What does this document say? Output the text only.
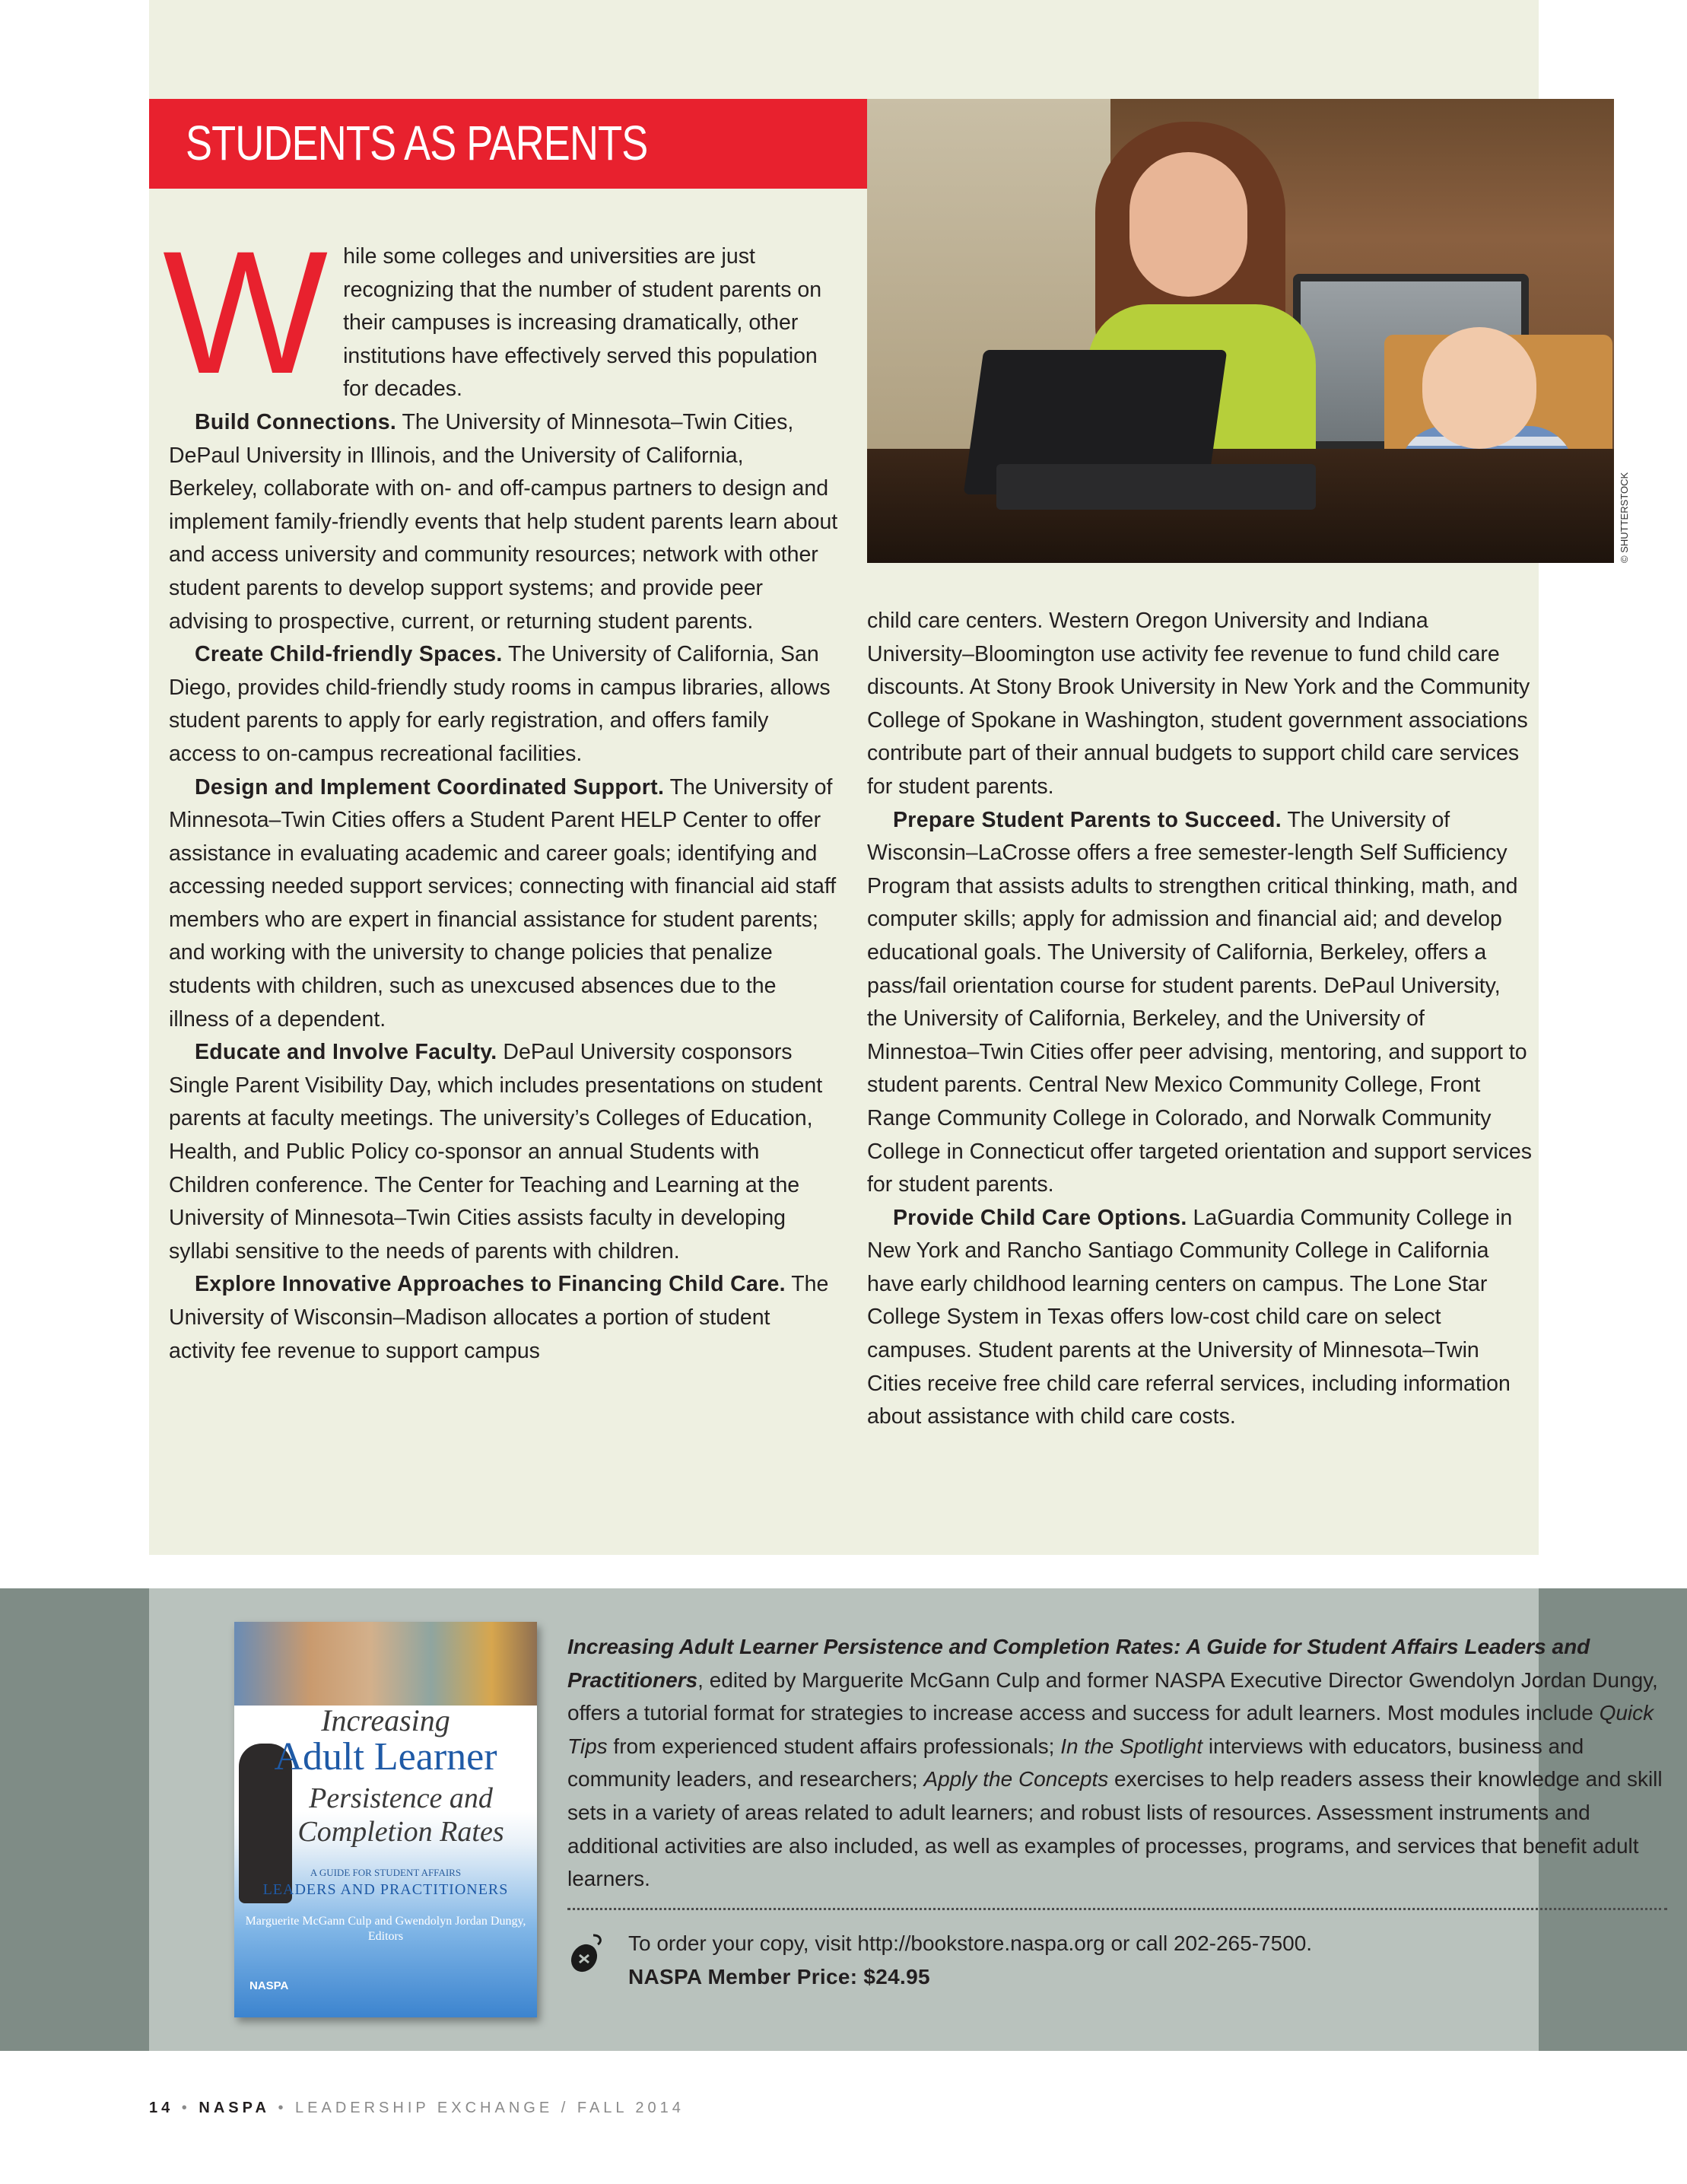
STUDENTS AS PARENTS
© SHUTTERSTOCK

While some colleges and universities are just recognizing that the number of student parents on their campuses is increasing dramatically, other institutions have effectively served this population for decades.

Build Connections. The University of Minnesota–Twin Cities, DePaul University in Illinois, and the University of California, Berkeley, collaborate with on- and off-campus partners to design and implement family-friendly events that help student parents learn about and access university and community resources; network with other student parents to develop support systems; and provide peer advising to prospective, current, or returning student parents.

Create Child-friendly Spaces. The University of California, San Diego, provides child-friendly study rooms in campus libraries, allows student parents to apply for early registration, and offers family access to on-campus recreational facilities.

Design and Implement Coordinated Support. The University of Minnesota–Twin Cities offers a Student Parent HELP Center to offer assistance in evaluating academic and career goals; identifying and accessing needed support services; connecting with financial aid staff members who are expert in financial assistance for student parents; and working with the university to change policies that penalize students with children, such as unexcused absences due to the illness of a dependent.

Educate and Involve Faculty. DePaul University cosponsors Single Parent Visibility Day, which includes presentations on student parents at faculty meetings. The university’s Colleges of Education, Health, and Public Policy co-sponsor an annual Students with Children conference. The Center for Teaching and Learning at the University of Minnesota–Twin Cities assists faculty in developing syllabi sensitive to the needs of parents with children.

Explore Innovative Approaches to Financing Child Care. The University of Wisconsin–Madison allocates a portion of student activity fee revenue to support campus

child care centers. Western Oregon University and Indiana University–Bloomington use activity fee revenue to fund child care discounts. At Stony Brook University in New York and the Community College of Spokane in Washington, student government associations contribute part of their annual budgets to support child care services for student parents.

Prepare Student Parents to Succeed. The University of Wisconsin–LaCrosse offers a free semester-length Self Sufficiency Program that assists adults to strengthen critical thinking, math, and computer skills; apply for admission and financial aid; and develop educational goals. The University of California, Berkeley, offers a pass/fail orientation course for student parents. DePaul University, the University of California, Berkeley, and the University of Minnestoa–Twin Cities offer peer advising, mentoring, and support to student parents. Central New Mexico Community College, Front Range Community College in Colorado, and Norwalk Community College in Connecticut offer targeted orientation and support services for student parents.

Provide Child Care Options. LaGuardia Community College in New York and Rancho Santiago Community College in California have early childhood learning centers on campus. The Lone Star College System in Texas offers low-cost child care on select campuses. Student parents at the University of Minnesota–Twin Cities receive free child care referral services, including information about assistance with child care costs.

Increasing
Adult Learner
Persistence and Completion Rates
A GUIDE FOR STUDENT AFFAIRS
LEADERS AND PRACTITIONERS
Marguerite McGann Culp and Gwendolyn Jordan Dungy, Editors
NASPA

Increasing Adult Learner Persistence and Completion Rates: A Guide for Student Affairs Leaders and Practitioners, edited by Marguerite McGann Culp and former NASPA Executive Director Gwendolyn Jordan Dungy, offers a tutorial format for strategies to increase access and success for adult learners. Most modules include Quick Tips from experienced student affairs professionals; In the Spotlight interviews with educators, business and community leaders, and researchers; Apply the Concepts exercises to help readers assess their knowledge and skill sets in a variety of areas related to adult learners; and robust lists of resources. Assessment instruments and additional activities are also included, as well as examples of processes, programs, and services that benefit adult learners.

To order your copy, visit http://bookstore.naspa.org or call 202-265-7500.

NASPA Member Price: $24.95

14 • NASPA • LEADERSHIP EXCHANGE / FALL 2014
